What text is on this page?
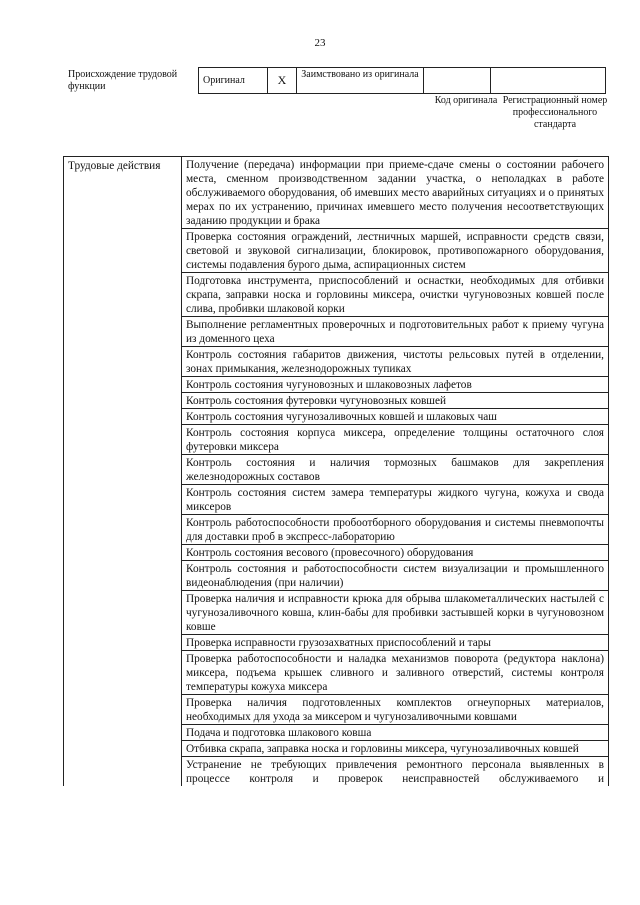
23
Происхождение трудовой функции
Оригинал	X	Заимствовано из оригинала		
Код оригинала Регистрационный номер профессионального стандарта
Трудовые действия	Получение (передача) информации при приеме-сдаче смены о состоянии рабочего места, сменном производственном задании участка, о неполадках в работе обслуживаемого оборудования, об имевших место аварийных ситуациях и о принятых мерах по их устранению, причинах имевшего место получения несоответствующих заданию продукции и брака
Проверка состояния ограждений, лестничных маршей, исправности средств связи, световой и звуковой сигнализации, блокировок, противопожарного оборудования, системы подавления бурого дыма, аспирационных систем
Подготовка инструмента, приспособлений и оснастки, необходимых для отбивки скрапа, заправки носка и горловины миксера, очистки чугуновозных ковшей после слива, пробивки шлаковой корки
Выполнение регламентных проверочных и подготовительных работ к приему чугуна из доменного цеха
Контроль состояния габаритов движения, чистоты рельсовых путей в отделении, зонах примыкания, железнодорожных тупиках
Контроль состояния чугуновозных и шлаковозных лафетов
Контроль состояния футеровки чугуновозных ковшей
Контроль состояния чугунозаливочных ковшей и шлаковых чаш
Контроль состояния корпуса миксера, определение толщины остаточного слоя футеровки миксера
Контроль состояния и наличия тормозных башмаков для закрепления железнодорожных составов
Контроль состояния систем замера температуры жидкого чугуна, кожуха и свода миксеров
Контроль работоспособности пробоотборного оборудования и системы пневмопочты для доставки проб в экспресс-лабораторию
Контроль состояния весового (провесочного) оборудования
Контроль состояния и работоспособности систем визуализации и промышленного видеонаблюдения (при наличии)
Проверка наличия и исправности крюка для обрыва шлакометаллических настылей с чугунозаливочного ковша, клин-бабы для пробивки застывшей корки в чугуновозном ковше
Проверка исправности грузозахватных приспособлений и тары
Проверка работоспособности и наладка механизмов поворота (редуктора наклона) миксера, подъема крышек сливного и заливного отверстий, системы контроля температуры кожуха миксера
Проверка наличия подготовленных комплектов огнеупорных материалов, необходимых для ухода за миксером и чугунозаливочными ковшами
Подача и подготовка шлакового ковша
Отбивка скрапа, заправка носка и горловины миксера, чугунозаливочных ковшей
Устранение не требующих привлечения ремонтного персонала выявленных в процессе контроля и проверок неисправностей обслуживаемого и
